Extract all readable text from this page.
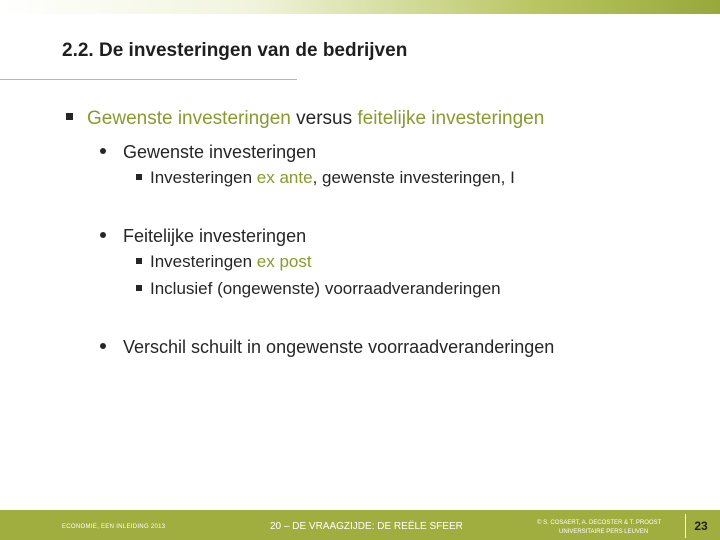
2.2. De investeringen van de bedrijven
Gewenste investeringen versus feitelijke investeringen
Gewenste investeringen
Investeringen ex ante, gewenste investeringen, I
Feitelijke investeringen
Investeringen ex post
Inclusief (ongewenste) voorraadveranderingen
Verschil schuilt in ongewenste voorraadveranderingen
ECONOMIE, EEN INLEIDING 2013	20 – DE VRAAGZIJDE: DE REËLE SFEER	© S. COSAERT, A. DECOSTER & T. PROOST
UNIVERSITAIRE PERS LEUVEN	23
